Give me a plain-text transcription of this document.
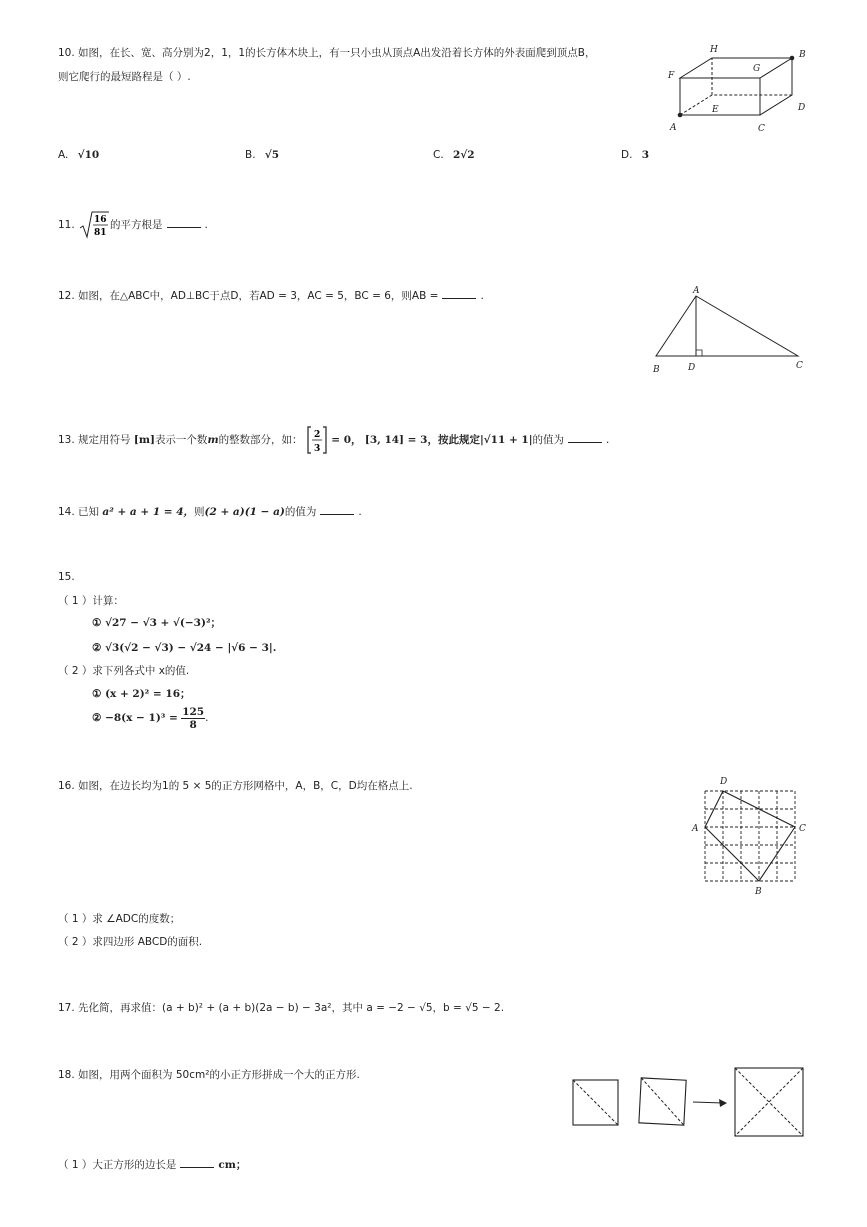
10. 如图，在长、宽、高分别为2，1，1的长方体木块上，有一只小虫从顶点A出发沿着长方体的外表面爬到顶点B，
则它爬行的最短路程是（ ）.
H	B
F
G
D
E
A	C
A. √10	B. √5	C. 2√2	D. 3
11. 16
81
的平方根是	.
12. 如图，在△ABC中，AD⊥BC于点D，若AD = 3，AC = 5，BC = 6，则AB =	.	A
B	D	C
13. 规定用符号 [m]表示一个数m的整数部分，如： 2
3
= 0， [3, 14] = 3，按此规定|√11 + 1|的值为	.
14. 已知 a² + a + 1 = 4，则(2 + a)(1 − a)的值为	.
15.
（ 1 ）计算：
① √27 − √3 + √(−3)²；
② √3(√2 − √3) − √24 − |√6 − 3|.
（ 2 ）求下列各式中 x的值.
① (x + 2)² = 16；
② $-8(x - 1)^3 = \frac{125}{8}$ .
16. 如图，在边长均为1的 5 × 5的正方形网格中，A，B，C，D均在格点上.	D
A	C
B
（ 1 ）求 ∠ADC的度数；
（ 2 ）求四边形 ABCD的面积.
17. 先化简，再求值：(a + b)² + (a + b)(2a − b) − 3a²，其中 a = −2 − √5，b = √5 − 2.
18. 如图，用两个面积为 50cm²的小正方形拼成一个大的正方形.
（ 1 ）大正方形的边长是	cm；
